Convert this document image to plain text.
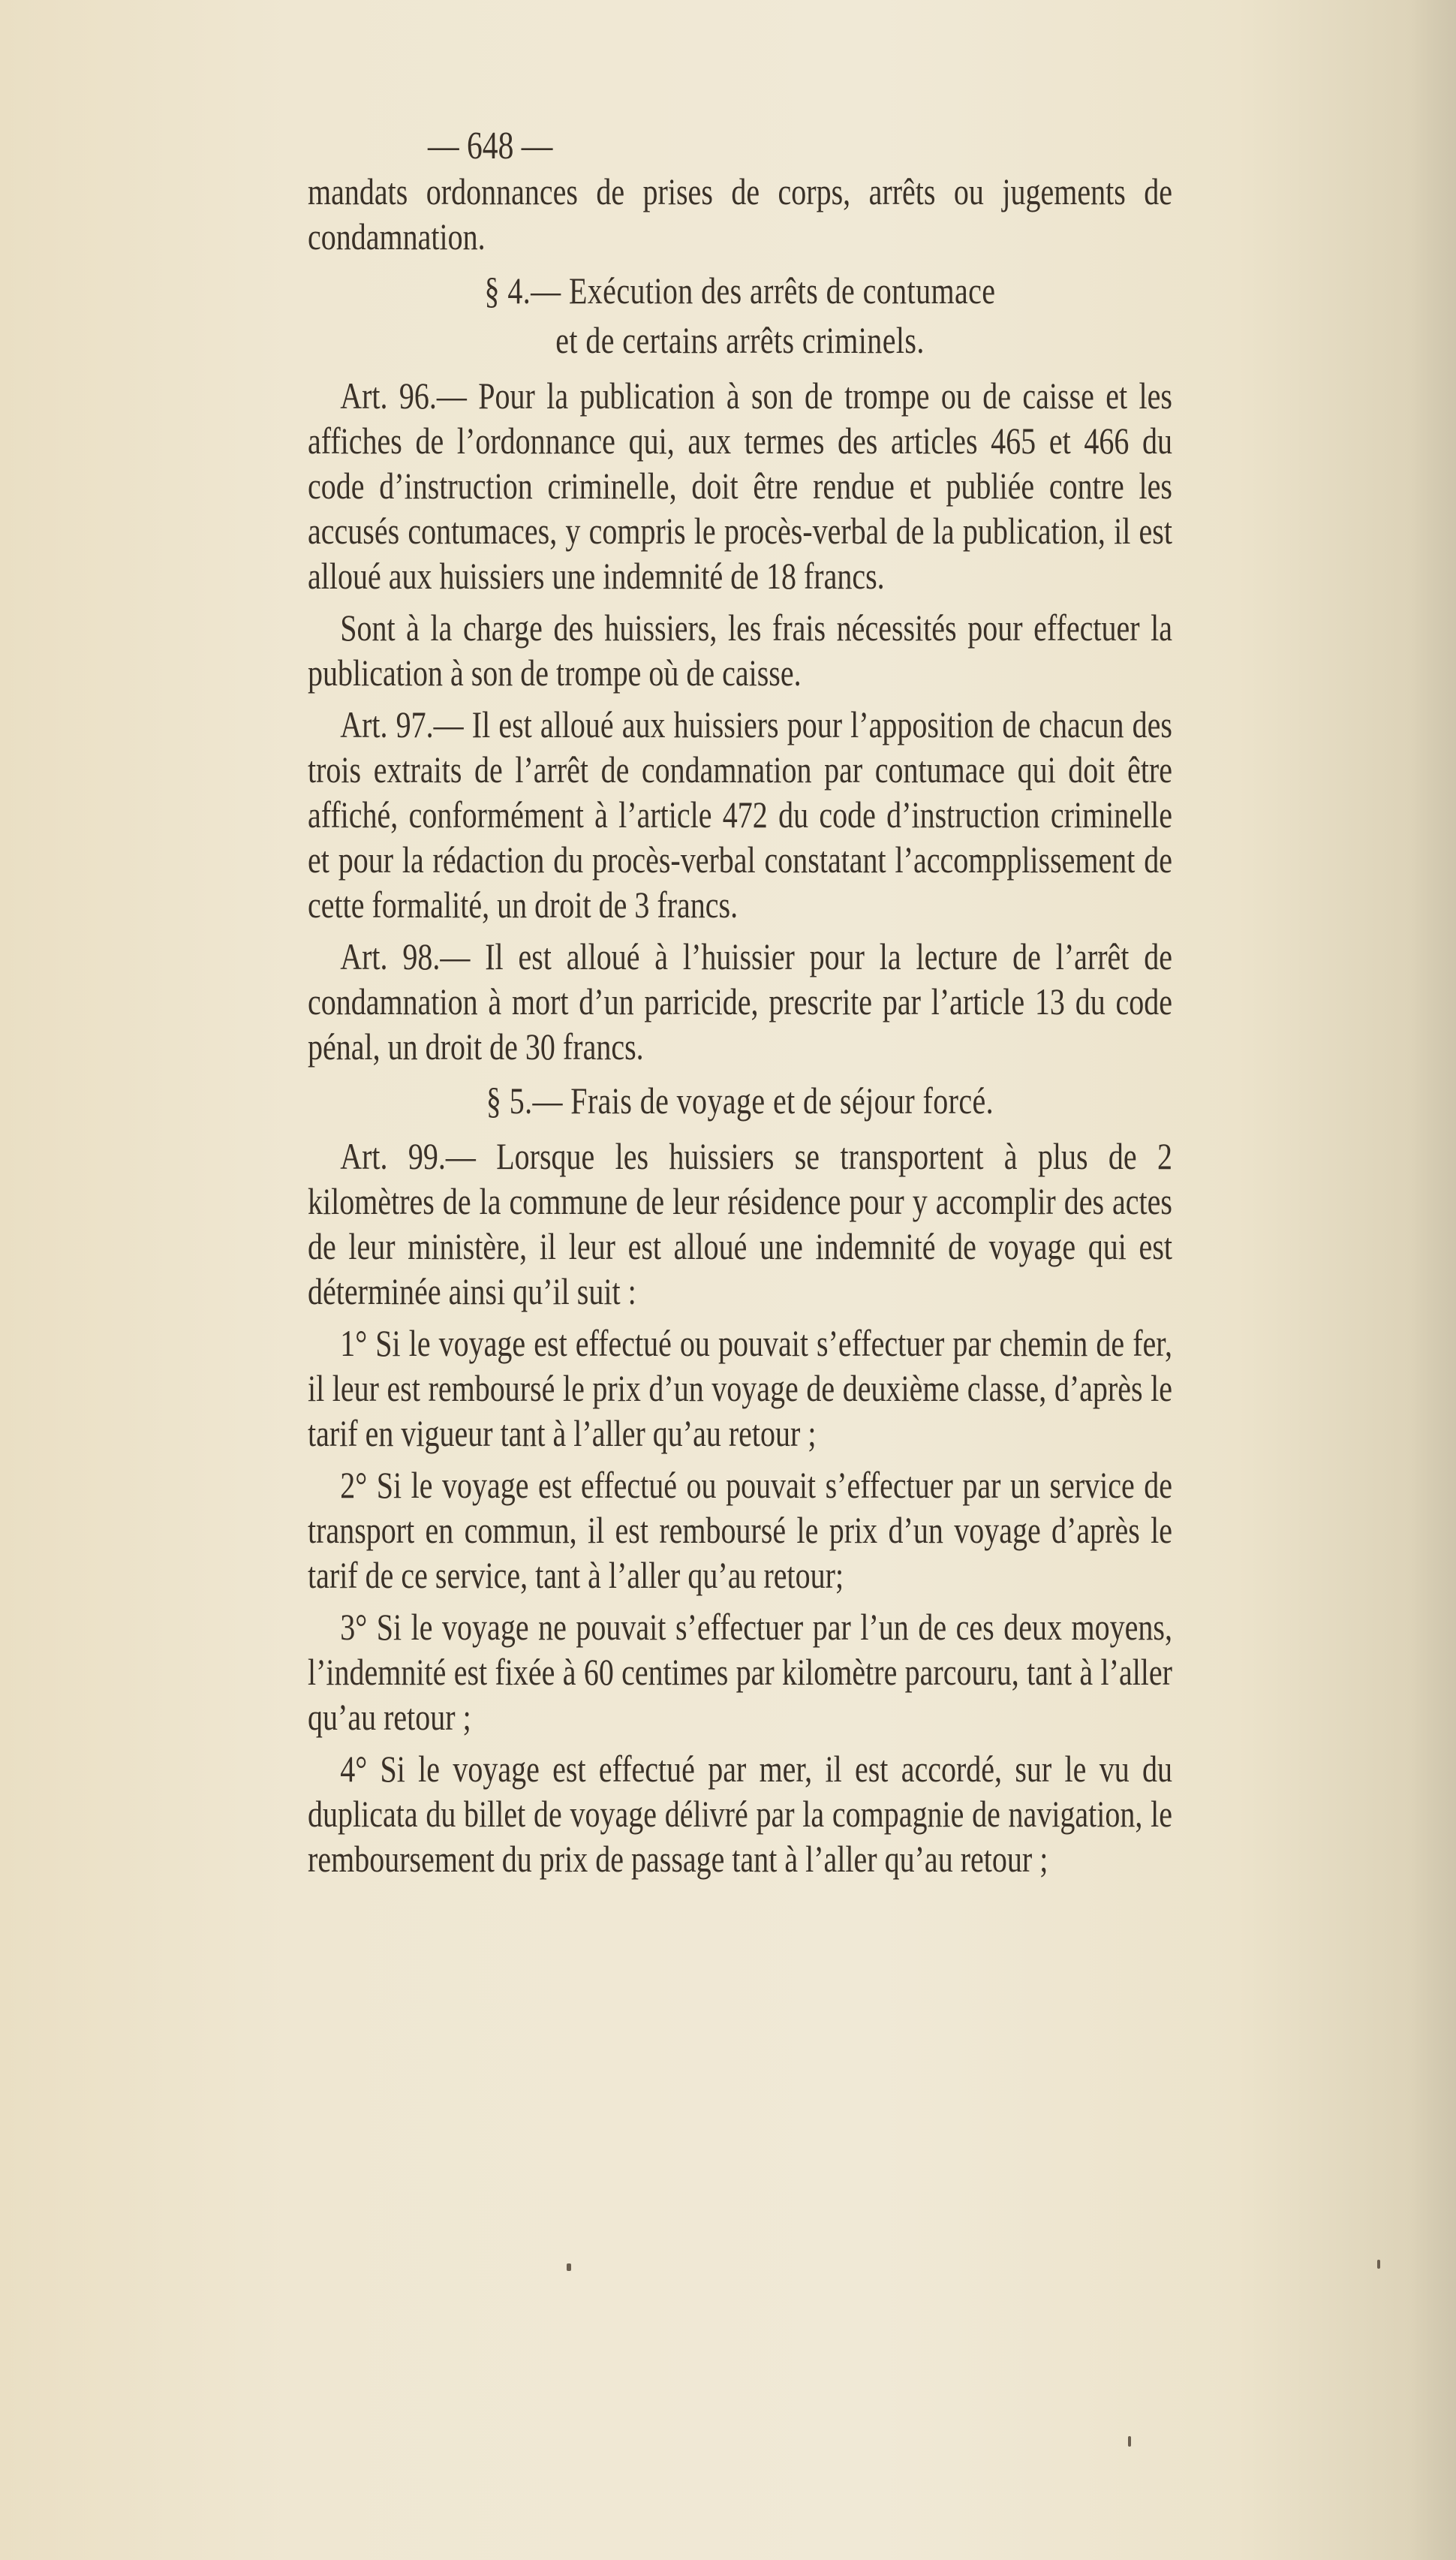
— 648 —

mandats ordonnances de prises de corps, arrêts ou jugements de condamnation.

§ 4.— Exécution des arrêts de contumace
et de certains arrêts criminels.

Art. 96.— Pour la publication à son de trompe ou de caisse et les affiches de l’ordonnance qui, aux termes des articles 465 et 466 du code d’instruction criminelle, doit être rendue et publiée contre les accusés contumaces, y compris le procès-verbal de la publication, il est alloué aux huissiers une indemnité de 18 francs.

Sont à la charge des huissiers, les frais nécessités pour effectuer la publication à son de trompe où de caisse.

Art. 97.— Il est alloué aux huissiers pour l’apposition de chacun des trois extraits de l’arrêt de condamnation par contumace qui doit être affiché, conformément à l’article 472 du code d’instruction criminelle et pour la rédaction du procès-verbal constatant l’accompplissement de cette formalité, un droit de 3 francs.

Art. 98.— Il est alloué à l’huissier pour la lecture de l’arrêt de condamnation à mort d’un parricide, prescrite par l’article 13 du code pénal, un droit de 30 francs.

§ 5.— Frais de voyage et de séjour forcé.

Art. 99.— Lorsque les huissiers se transportent à plus de 2 kilomètres de la commune de leur résidence pour y accomplir des actes de leur ministère, il leur est alloué une indemnité de voyage qui est déterminée ainsi qu’il suit :

1° Si le voyage est effectué ou pouvait s’effectuer par chemin de fer, il leur est remboursé le prix d’un voyage de deuxième classe, d’après le tarif en vigueur tant à l’aller qu’au retour ;

2° Si le voyage est effectué ou pouvait s’effectuer par un service de transport en commun, il est remboursé le prix d’un voyage d’après le tarif de ce service, tant à l’aller qu’au retour;

3° Si le voyage ne pouvait s’effectuer par l’un de ces deux moyens, l’indemnité est fixée à 60 centimes par kilomètre parcouru, tant à l’aller qu’au retour ;

4° Si le voyage est effectué par mer, il est accordé, sur le vu du duplicata du billet de voyage délivré par la compagnie de navigation, le remboursement du prix de passage tant à l’aller qu’au retour ;
